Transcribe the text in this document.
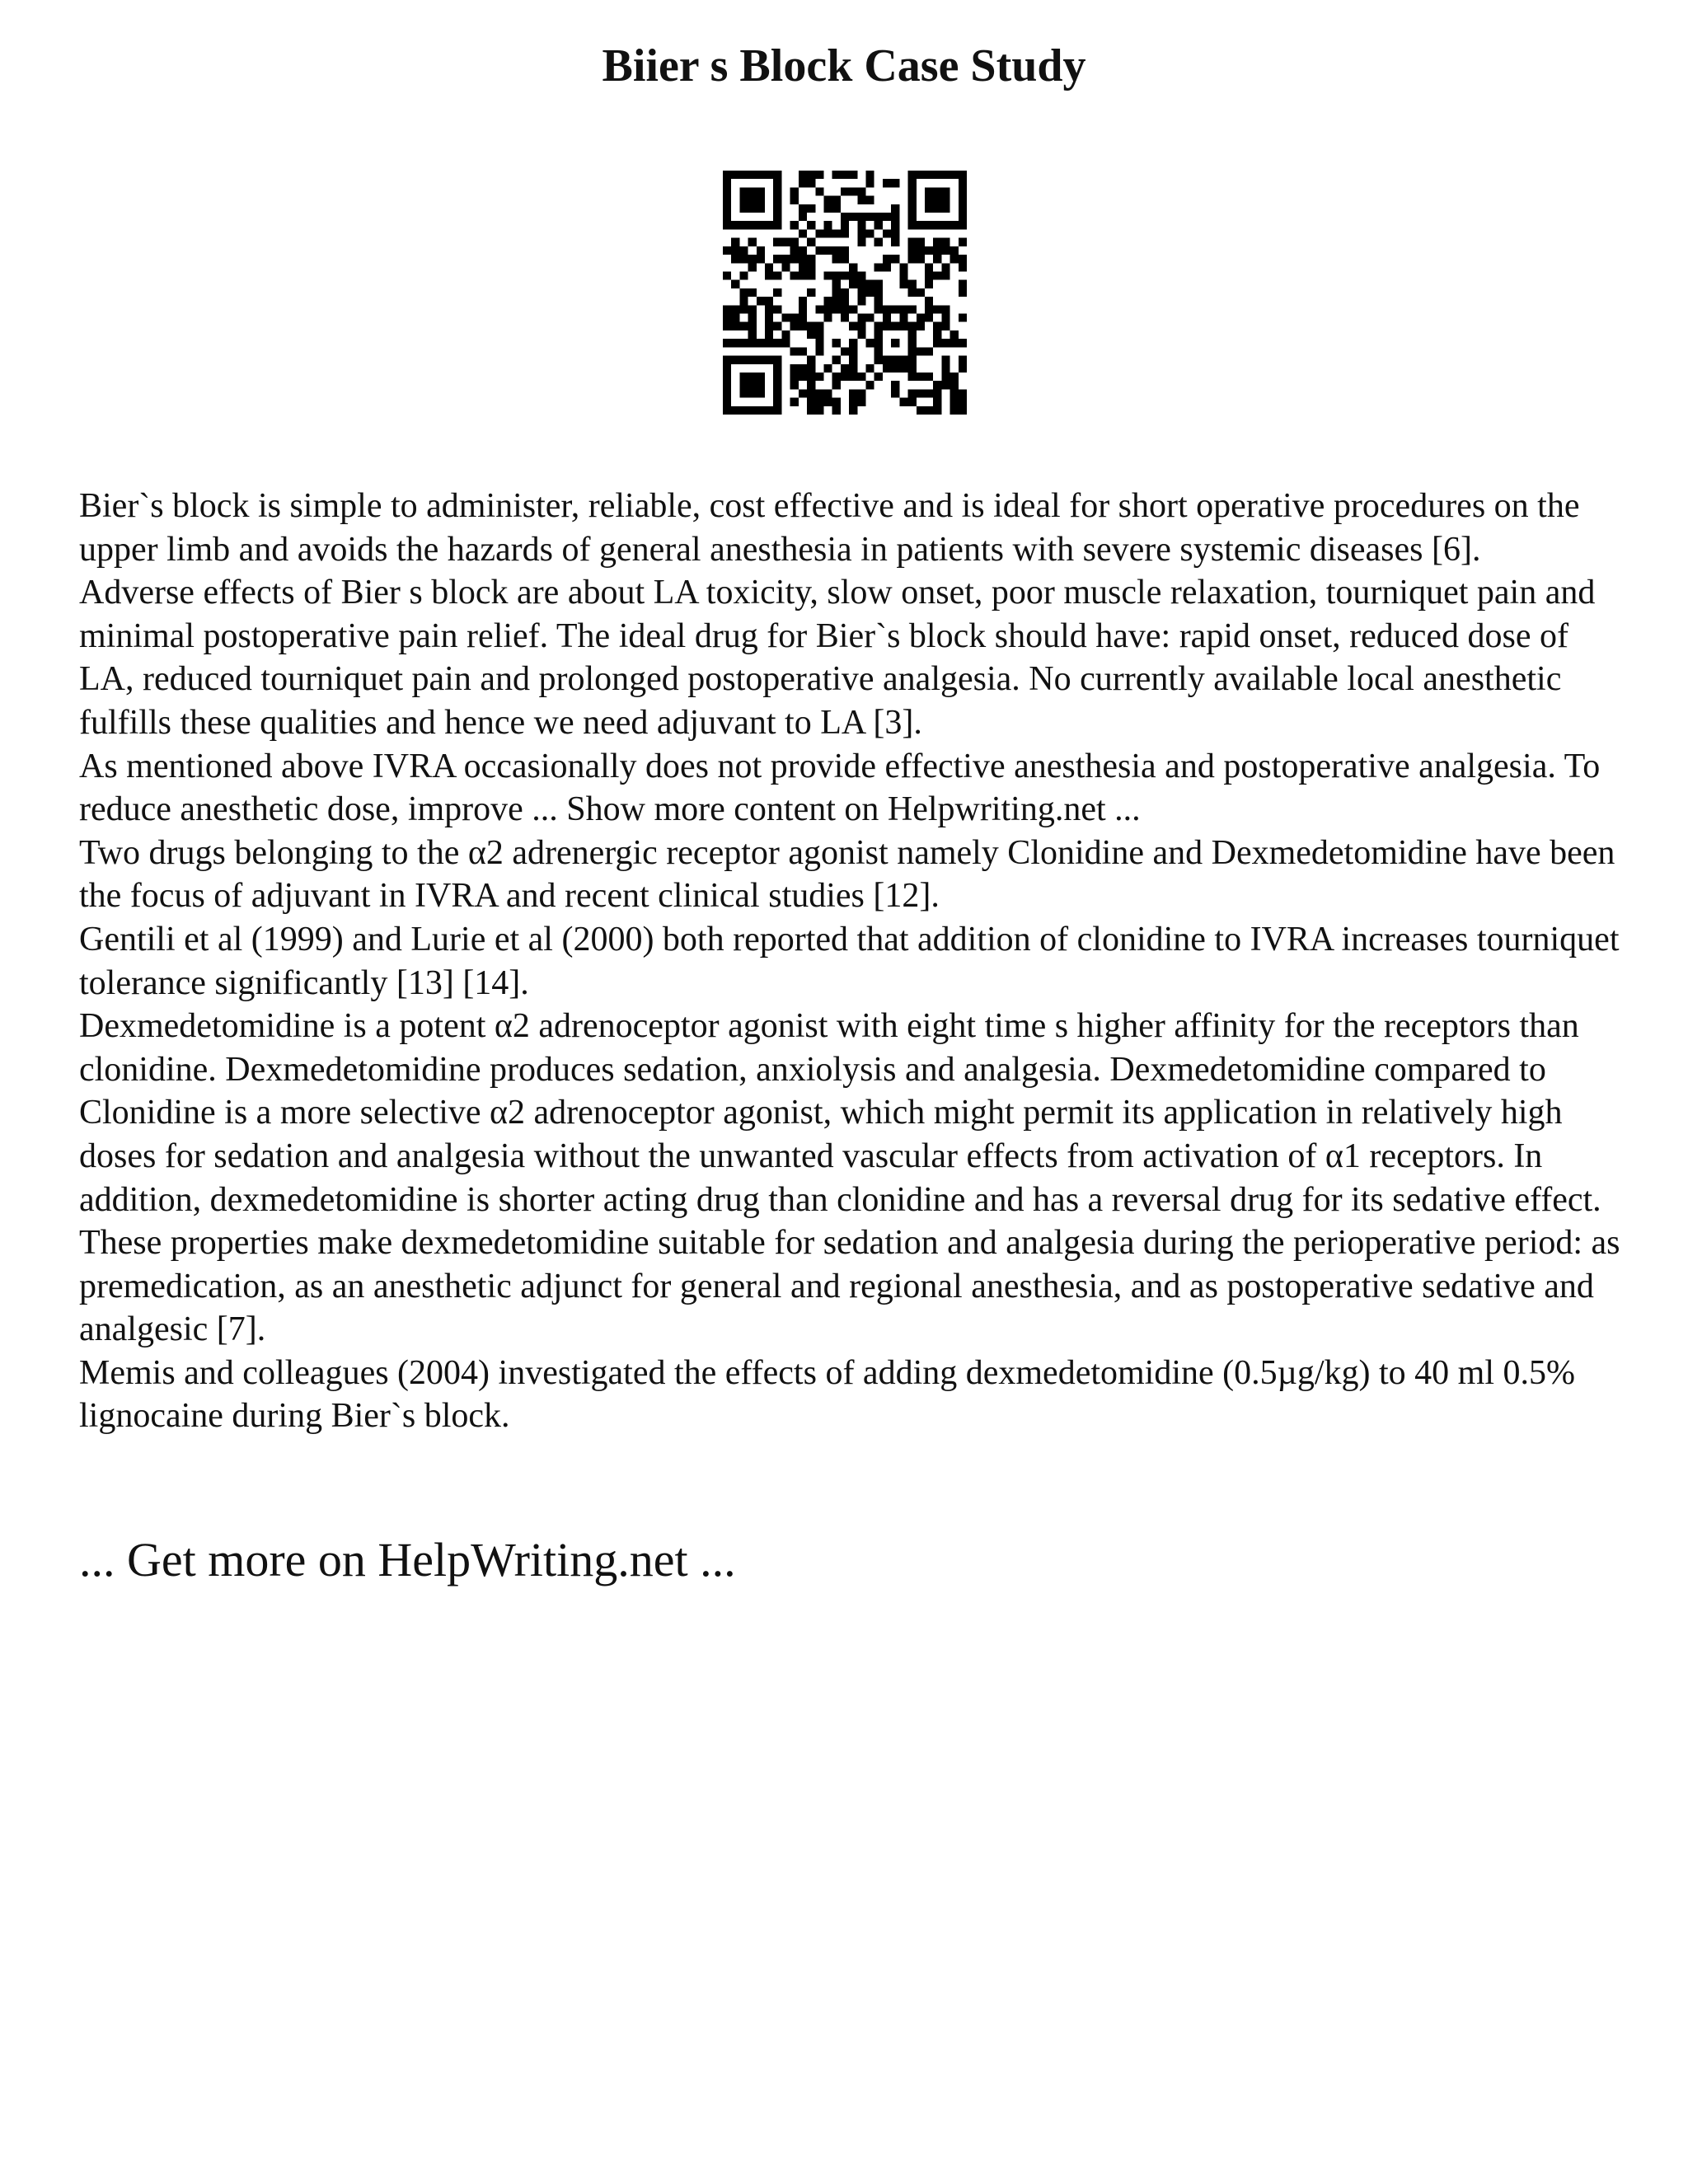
Biier s Block Case Study

Bier`s block is simple to administer, reliable, cost effective and is ideal for short operative procedures on the upper limb and avoids the hazards of general anesthesia in patients with severe systemic diseases [6].

Adverse effects of Bier s block are about LA toxicity, slow onset, poor muscle relaxation, tourniquet pain and minimal postoperative pain relief. The ideal drug for Bier`s block should have: rapid onset, reduced dose of LA, reduced tourniquet pain and prolonged postoperative analgesia. No currently available local anesthetic fulfills these qualities and hence we need adjuvant to LA [3].

As mentioned above IVRA occasionally does not provide effective anesthesia and postoperative analgesia. To reduce anesthetic dose, improve ... Show more content on Helpwriting.net ...

Two drugs belonging to the α2 adrenergic receptor agonist namely Clonidine and Dexmedetomidine have been the focus of adjuvant in IVRA and recent clinical studies [12].

Gentili et al (1999) and Lurie et al (2000) both reported that addition of clonidine to IVRA increases tourniquet tolerance significantly [13] [14].

Dexmedetomidine is a potent α2 adrenoceptor agonist with eight time s higher affinity for the receptors than clonidine. Dexmedetomidine produces sedation, anxiolysis and analgesia. Dexmedetomidine compared to Clonidine is a more selective α2 adrenoceptor agonist, which might permit its application in relatively high doses for sedation and analgesia without the unwanted vascular effects from activation of α1 receptors. In addition, dexmedetomidine is shorter acting drug than clonidine and has a reversal drug for its sedative effect. These properties make dexmedetomidine suitable for sedation and analgesia during the perioperative period: as premedication, as an anesthetic adjunct for general and regional anesthesia, and as postoperative sedative and analgesic [7].

Memis and colleagues (2004) investigated the effects of adding dexmedetomidine (0.5µg/kg) to 40 ml 0.5% lignocaine during Bier`s block.

... Get more on HelpWriting.net ...
